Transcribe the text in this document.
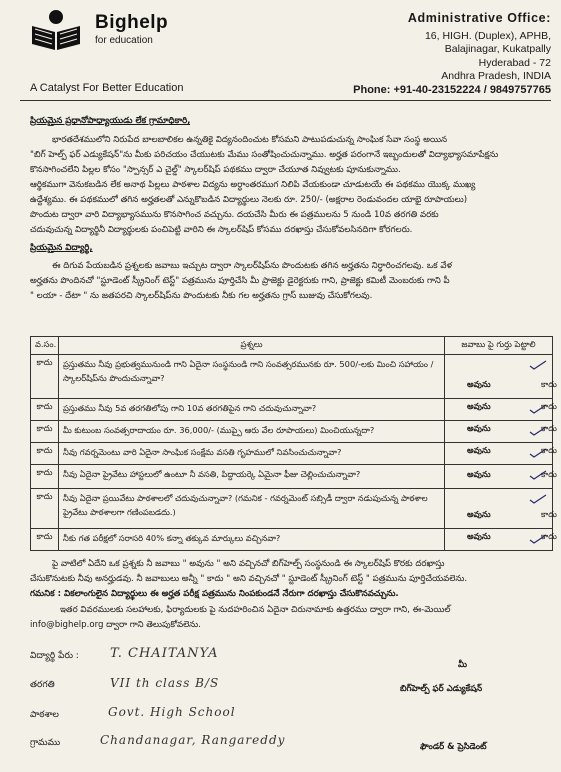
Bighelp
for education
A Catalyst For Better Education
Administrative Office:
16, HIGH. (Duplex), APHB,
Balajinagar, Kukatpally
Hyderabad - 72
Andhra Pradesh, INDIA
Phone: +91-40-23152224 / 9849757765
ప్రియమైన ప్రధానోపాధ్యాయుడు లేక గ్రామాధికారి,
భారతదేశములోని నిరుపేద బాలబాలికల ఉన్నతికై విద్యనందించుట కోసమని పాటుపడుచున్న సాంఘిక సేవా సంస్థ అయిన
"బిగ్ హెల్ప్ ఫర్ ఎడ్యుకేషన్"ను మీకు పరిచయం చేయుటకు మేము సంతోషించుచున్నాము. అర్హత పరంగానే ఇబ్బందులతో విద్యాభ్యాసమాపేక్షను
కొనసాగించలేని పిల్లల కోసం "స్పాన్సర్ ఎ చైల్డ్" స్కాలర్‌షిప్ పథకము ద్వారా చేయూత నివ్వుటకు పూనుకున్నాము.
ఆర్థికముగా వెనుకబడిన లేక అనాథ పిల్లలు పాఠశాల విద్యను అర్ధాంతరముగ నిలిపి వేయకుండా చూడుటయే ఈ పథకము యొక్క ముఖ్య
ఉద్దేశ్యము. ఈ పథకములో తగిన అర్హతలతో ఎన్నుకొబడిన విద్యార్థులు నెలకు రూ. 250/- (అక్షరాల రెండువందల యాభై రూపాయలు)
పొందుట ద్వారా వారి విద్యాభ్యాసమును కొనసాగించ వచ్చును. దయచేసి మీరు ఈ పత్రములను 5 నుండి 10వ తరగతి వరకు
చదువుచున్న విద్యార్థినీ విద్యార్థులకు పంచిపెట్టి వారిని ఈ స్కాలర్‌షిప్ కోసము దరఖాస్తు చేసుకోవలసినదిగా కోరగలరు.
ప్రియమైన విద్యార్థి,
ఈ దిగువ పేయబడిన ప్రశ్నలకు జవాబు ఇచ్చుట ద్వారా స్కాలర్‌షిప్‌ను పొందుటకు తగిన అర్హతను నిర్ధారించగలవు. ఒక వేళ
అర్హతను పొందినచో "స్టూడెంట్ స్క్రీనింగ్ టెస్ట్" పత్రమును పూర్తిచేసి మీ ప్రాజెక్టు డైరెక్టరుకు గాని, ప్రాజెక్టు కమిటీ మెంబరుకు గాని పీ
" లయా - దేటా " ను జతపరచి స్కాలర్‌షిప్‌ను పొందుటకు నీకు గల అర్హతను గ్రాస్ బుజువు చేసుకోగలవు.
వ.సం.	ప్రశ్నలు	జవాబు పై గుర్తు పెట్టాలి
కాదు	ప్రస్తుతము నీవు ప్రభుత్వమునుండి గాని ఏదైనా సంస్థనుండి గాని సంవత్సరమునకు రూ. 500/-లకు మించి సహాయం / స్కాలర్‌షిప్‌ను పొందుచున్నావా?	అవును కాదు

కాదు	ప్రస్తుతము నీవు 5వ తరగతిలోపు గాని 10వ తరగతిపైన గాని చదువుచున్నావా?	అవును కాదు

కాదు	మీ కుటుంబ సంవత్సరాదాయం రూ. 36,000/- (ముప్పై ఆరు వేల రూపాయలు) మించియున్నదా?	అవును కాదు

కాదు	నీవు గవర్నమెంటు వారి ఏదైనా సాంఘిక సంక్షేమ వసతి గృహములో నివసించుచున్నావా?	అవును కాదు

కాదు	నీవు ఏదైనా ప్రైవేటు హాస్టలులో ఉంటూ నీ వసతి, పిద్దాయర్కె ఏమైనా ఫీజు చెల్లించుచున్నావా?	అవును కాదు

కాదు	నీవు ఏదైనా ప్రయివేటు పాఠశాలలో చదువుచున్నావా? (గమనిక - గవర్నమెంట్ సబ్సిడీ ద్వారా నడుపుచున్న పాఠశాల ప్రైవేటు పాఠశాలగా గణింపబడదు.)	అవును కాదు

కాదు	నీకు గత పరీక్షలో సరాసరి 40% కన్నా తక్కువ మార్కులు వచ్చినవా?	అవును కాదు
పై వాటిలో ఏదేని ఒక ప్రశ్నకు నీ జవాబు " అవును " అని వచ్చినచో బిగ్‌హెల్ప్ సంస్థనుండి ఈ స్కాలర్‌షిప్ కొరకు దరఖాస్తు
చేసుకొనుటకు నీవు అనర్హుడవు. నీ జవాబులు అన్నీ " కాదు " అని వచ్చినచో " స్టూడెంట్ స్క్రీనింగ్ టెస్ట్ " పత్రమును పూర్తిచేయవలెను.
గమనిక : వికలాంగులైన విద్యార్థులు ఈ అర్హత పరీక్ష పత్రమును నింపకుండనే నేరుగా దరఖాస్తు చేసుకొనవచ్చును.
ఇతర వివరములకు సలహాలకు, ఫిర్యాదులకు పై నుదహరించిన ఏదైనా చిరునామాకు ఉత్తరము ద్వారా గాని, ఈ-మెయిల్
info@bighelp.org ద్వారా గాని తెలుపుకోవలెను.
విద్యార్థి పేరు : T. CHAITANYA
తరగతి	VII th class B/S
పాఠశాల	Govt. High School
గ్రామము	Chandanagar, Rangareddy
మీ
బిగ్‌హెల్ప్ ఫర్ ఎడ్యుకేషన్
ఫౌండర్ & ప్రెసిడెంట్
